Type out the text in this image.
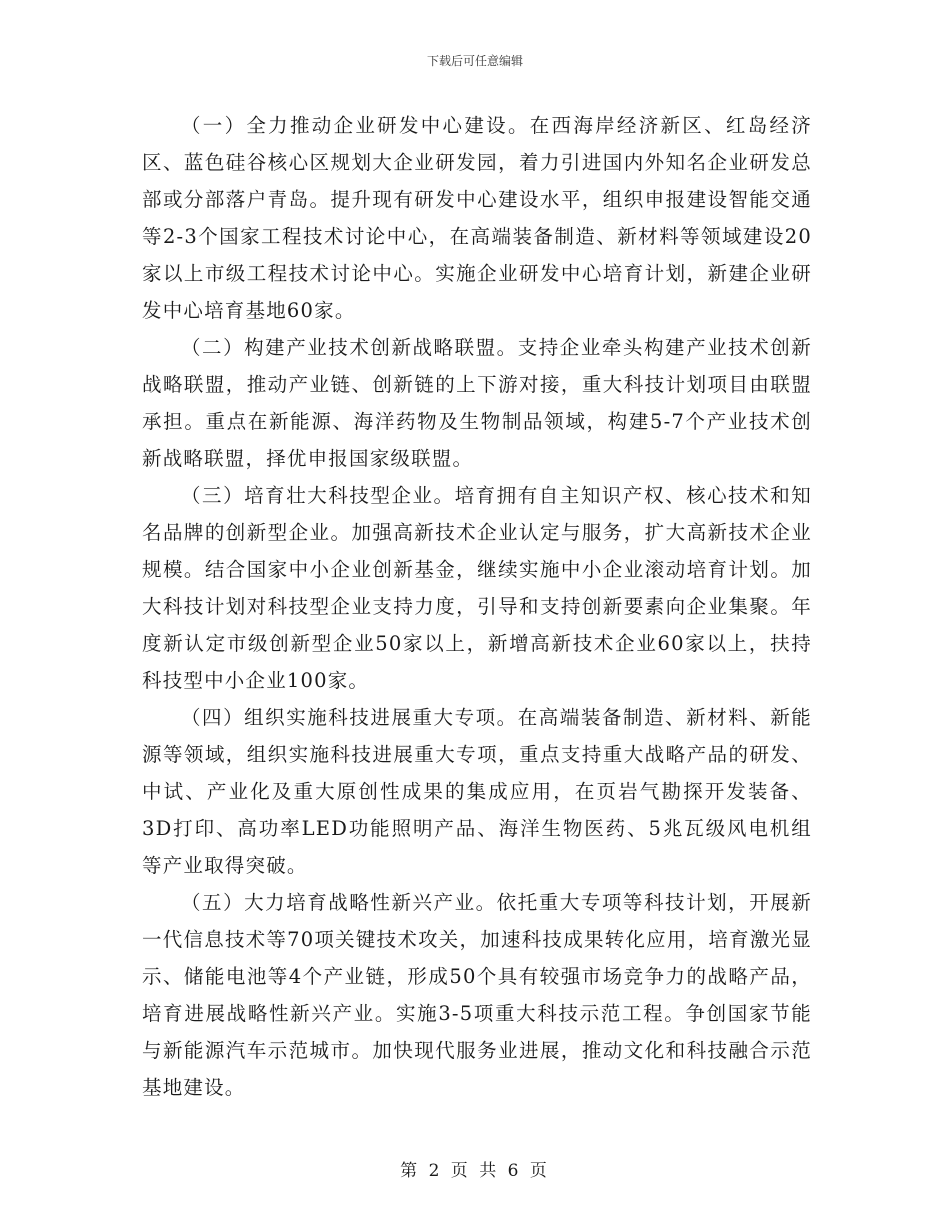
下载后可任意编辑

（一）全力推动企业研发中心建设。在西海岸经济新区、红岛经济区、蓝色硅谷核心区规划大企业研发园，着力引进国内外知名企业研发总部或分部落户青岛。提升现有研发中心建设水平，组织申报建设智能交通等2-3个国家工程技术讨论中心，在高端装备制造、新材料等领域建设20家以上市级工程技术讨论中心。实施企业研发中心培育计划，新建企业研发中心培育基地60家。

（二）构建产业技术创新战略联盟。支持企业牵头构建产业技术创新战略联盟，推动产业链、创新链的上下游对接，重大科技计划项目由联盟承担。重点在新能源、海洋药物及生物制品领域，构建5-7个产业技术创新战略联盟，择优申报国家级联盟。

（三）培育壮大科技型企业。培育拥有自主知识产权、核心技术和知名品牌的创新型企业。加强高新技术企业认定与服务，扩大高新技术企业规模。结合国家中小企业创新基金，继续实施中小企业滚动培育计划。加大科技计划对科技型企业支持力度，引导和支持创新要素向企业集聚。年度新认定市级创新型企业50家以上，新增高新技术企业60家以上，扶持科技型中小企业100家。

（四）组织实施科技进展重大专项。在高端装备制造、新材料、新能源等领域，组织实施科技进展重大专项，重点支持重大战略产品的研发、中试、产业化及重大原创性成果的集成应用，在页岩气勘探开发装备、3D打印、高功率LED功能照明产品、海洋生物医药、5兆瓦级风电机组等产业取得突破。

（五）大力培育战略性新兴产业。依托重大专项等科技计划，开展新一代信息技术等70项关键技术攻关，加速科技成果转化应用，培育激光显示、储能电池等4个产业链，形成50个具有较强市场竞争力的战略产品，培育进展战略性新兴产业。实施3-5项重大科技示范工程。争创国家节能与新能源汽车示范城市。加快现代服务业进展，推动文化和科技融合示范基地建设。

第 2 页 共 6 页
